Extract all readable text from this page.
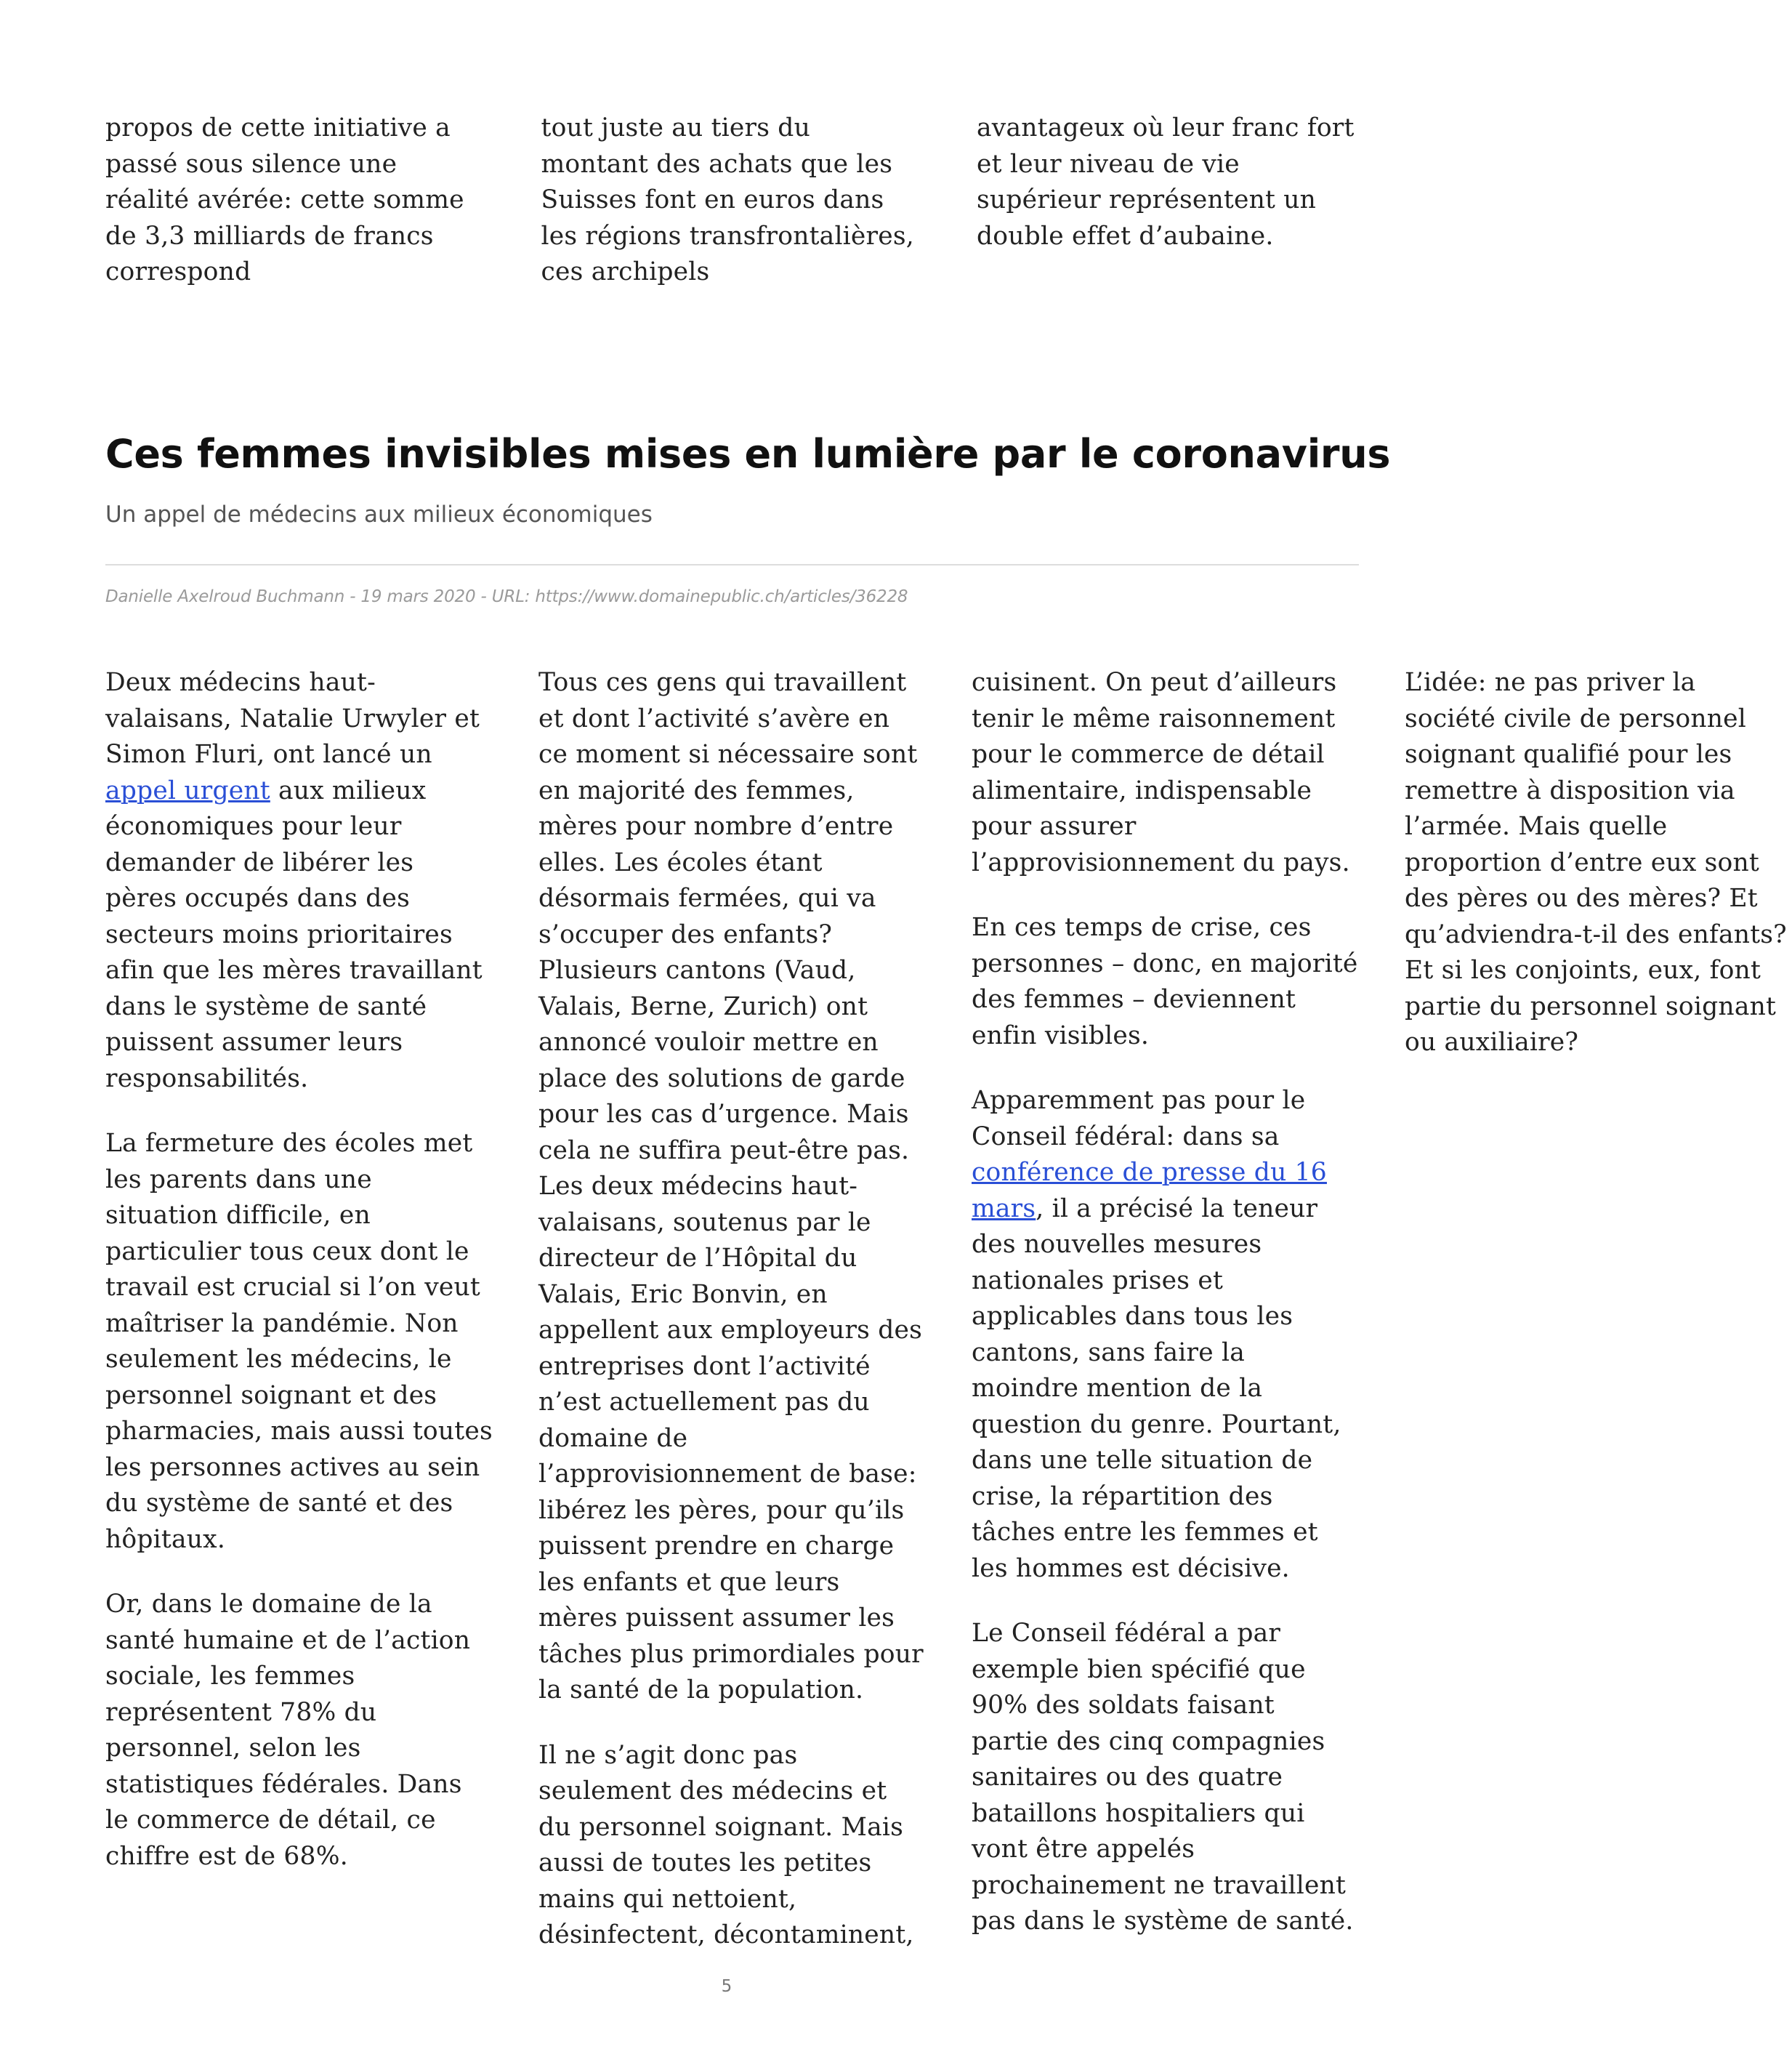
propos de cette initiative a passé sous silence une réalité avérée: cette somme de 3,3 milliards de francs correspond
tout juste au tiers du montant des achats que les Suisses font en euros dans les régions transfrontalières, ces archipels
avantageux où leur franc fort et leur niveau de vie supérieur représentent un double effet d’aubaine.
Ces femmes invisibles mises en lumière par le coronavirus
Un appel de médecins aux milieux économiques
Danielle Axelroud Buchmann - 19 mars 2020 - URL: https://www.domainepublic.ch/articles/36228

Deux médecins haut-valaisans, Natalie Urwyler et Simon Fluri, ont lancé un appel urgent aux milieux économiques pour leur demander de libérer les pères occupés dans des secteurs moins prioritaires afin que les mères travaillant dans le système de santé puissent assumer leurs responsabilités.

La fermeture des écoles met les parents dans une situation difficile, en particulier tous ceux dont le travail est crucial si l’on veut maîtriser la pandémie. Non seulement les médecins, le personnel soignant et des pharmacies, mais aussi toutes les personnes actives au sein du système de santé et des hôpitaux.

Or, dans le domaine de la santé humaine et de l’action sociale, les femmes représentent 78% du personnel, selon les statistiques fédérales. Dans le commerce de détail, ce chiffre est de 68%.

Tous ces gens qui travaillent et dont l’activité s’avère en ce moment si nécessaire sont en majorité des femmes, mères pour nombre d’entre elles. Les écoles étant désormais fermées, qui va s’occuper des enfants? Plusieurs cantons (Vaud, Valais, Berne, Zurich) ont annoncé vouloir mettre en place des solutions de garde pour les cas d’urgence. Mais cela ne suffira peut-être pas. Les deux médecins haut-valaisans, soutenus par le directeur de l’Hôpital du Valais, Eric Bonvin, en appellent aux employeurs des entreprises dont l’activité n’est actuellement pas du domaine de l’approvisionnement de base: libérez les pères, pour qu’ils puissent prendre en charge les enfants et que leurs mères puissent assumer les tâches plus primordiales pour la santé de la population.

Il ne s’agit donc pas seulement des médecins et du personnel soignant. Mais aussi de toutes les petites mains qui nettoient, désinfectent, décontaminent, cuisinent. On peut d’ailleurs tenir le même raisonnement pour le commerce de détail alimentaire, indispensable pour assurer l’approvisionnement du pays.

En ces temps de crise, ces personnes – donc, en majorité des femmes – deviennent enfin visibles.

Apparemment pas pour le Conseil fédéral: dans sa conférence de presse du 16 mars, il a précisé la teneur des nouvelles mesures nationales prises et applicables dans tous les cantons, sans faire la moindre mention de la question du genre. Pourtant, dans une telle situation de crise, la répartition des tâches entre les femmes et les hommes est décisive.

Le Conseil fédéral a par exemple bien spécifié que 90% des soldats faisant partie des cinq compagnies sanitaires ou des quatre bataillons hospitaliers qui vont être appelés prochainement ne travaillent pas dans le système de santé. L’idée: ne pas priver la société civile de personnel soignant qualifié pour les remettre à disposition via l’armée. Mais quelle proportion d’entre eux sont des pères ou des mères? Et qu’adviendra-t-il des enfants? Et si les conjoints, eux, font partie du personnel soignant ou auxiliaire?

5
